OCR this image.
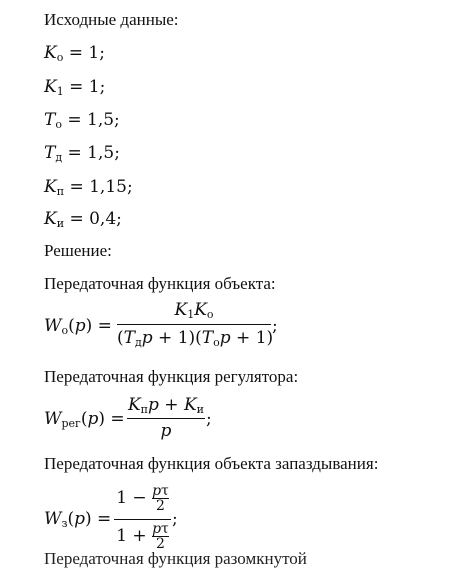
Исходные данные:
$K_о = 1$;
$K_1 = 1$;
$T_о = 1,5$;
$T_д = 1,5$;
$K_п = 1,15$;
$K_и = 0,4$;
Решение:
Передаточная функция объекта:
$W_о(p)$ =
$K_1K_о$
$(T_дp + 1)(T_оp + 1)$
;
Передаточная функция регулятора:
$W_{рег}(p)$ =
$K_пp + K_и$
p
;
Передаточная функция объекта запаздывания:
$W_з(p)$ =
$1 - \frac{p\tau}{2}$
$1 + \frac{p\tau}{2}$
;
Передаточная функция разомкнутой
